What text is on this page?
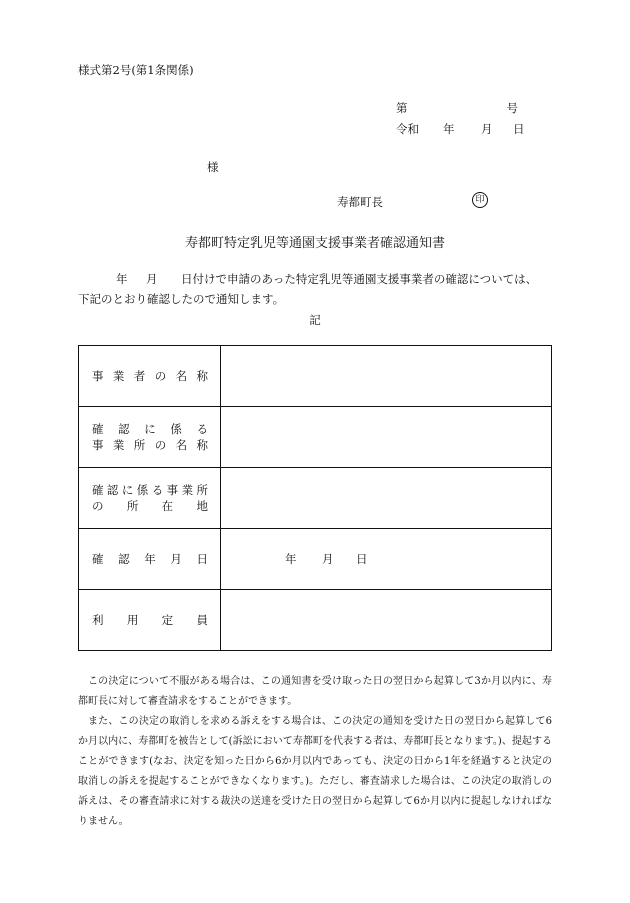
様式第2号(第1条関係)
第	号
令和 年 月 日
様
寿都町長	印
寿都町特定乳児等通園支援事業者確認通知書
年 月 日付けで申請のあった特定乳児等通園支援事業者の確認については、
下記のとおり確認したので通知します。
記
事業者の名称	

確認に係る
事業所の名称	

確認に係る事業所
の所在地	

確認年月日	年 月 日

利用定員	

この決定について不服がある場合は、この通知書を受け取った日の翌日から起算して3か月以内に、寿都町長に対して審査請求をすることができます。

また、この決定の取消しを求める訴えをする場合は、この決定の通知を受けた日の翌日から起算して6か月以内に、寿都町を被告として(訴訟において寿都町を代表する者は、寿都町長となります。)、提起することができます(なお、決定を知った日から6か月以内であっても、決定の日から1年を経過すると決定の取消しの訴えを提起することができなくなります。)。ただし、審査請求した場合は、この決定の取消しの訴えは、その審査請求に対する裁決の送達を受けた日の翌日から起算して6か月以内に提起しなければなりません。
